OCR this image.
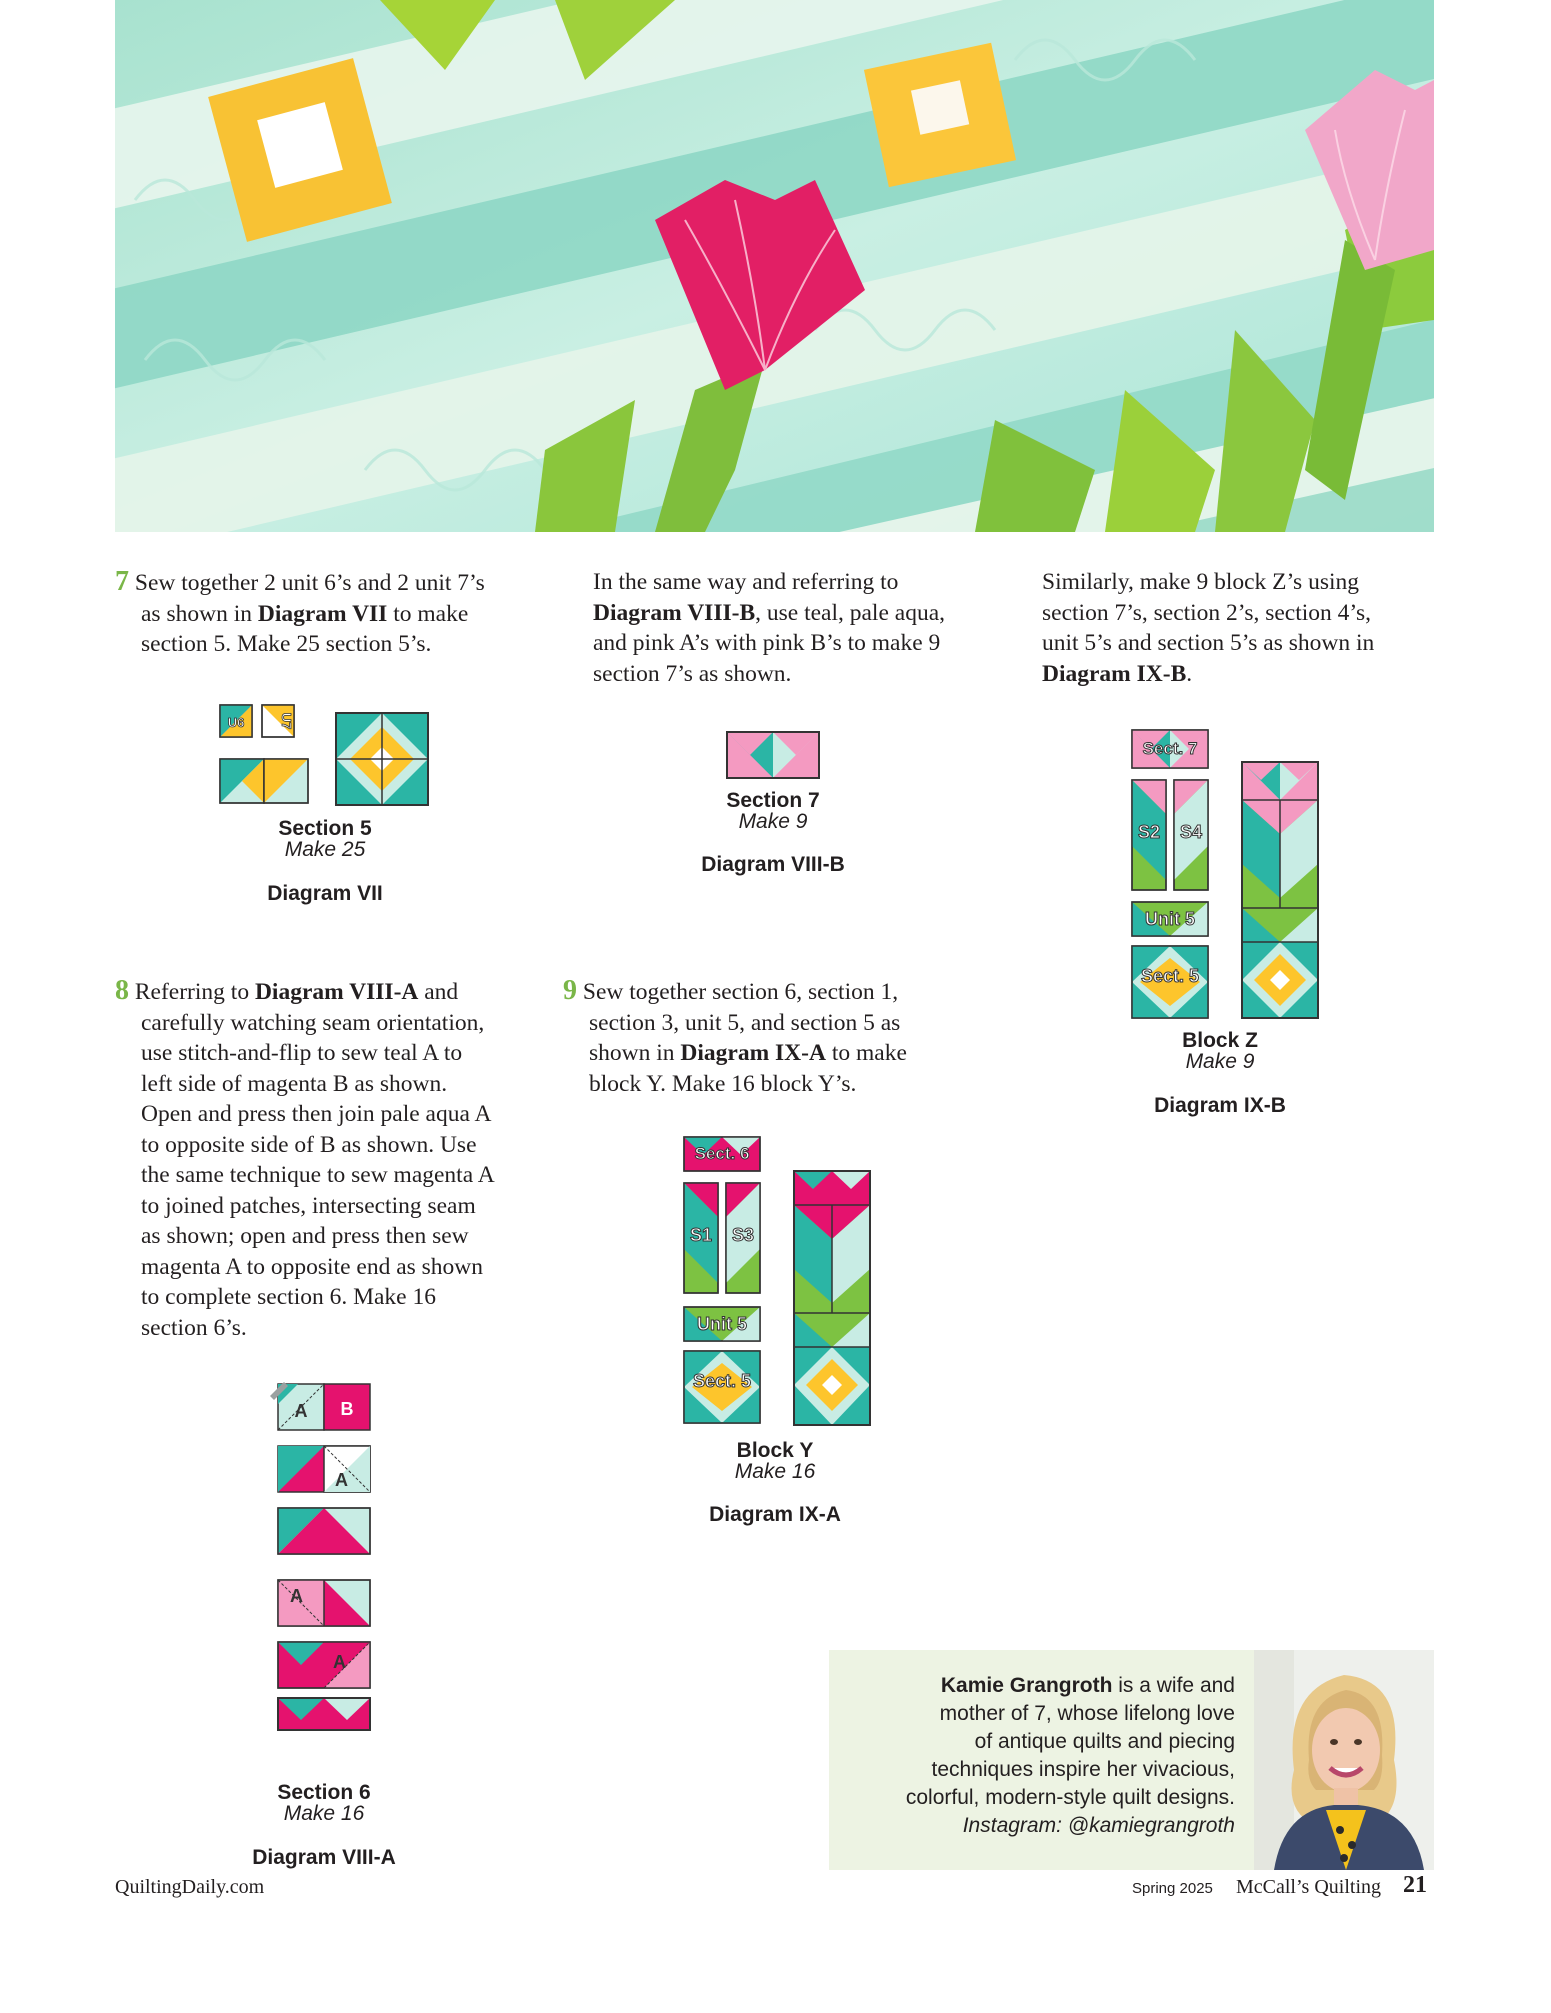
7 Sew together 2 unit 6’s and 2 unit 7’s

as shown in Diagram VII to make

section 5. Make 25 section 5’s.

In the same way and referring to

Diagram VIII-B, use teal, pale aqua,

and pink A’s with pink B’s to make 9

section 7’s as shown.

Similarly, make 9 block Z’s using

section 7’s, section 2’s, section 4’s,

unit 5’s and section 5’s as shown in

Diagram IX-B.

U6	U7
Section 5
Make 25
Diagram VII
Section 7
Make 9
Diagram VIII-B
Sect. 7
S2 S4
Unit 5
Sect. 5
Block Z
Make 9
Diagram IX-B

8 Referring to Diagram VIII-A and

carefully watching seam orientation,

use stitch-and-flip to sew teal A to

left side of magenta B as shown.

Open and press then join pale aqua A

to opposite side of B as shown. Use

the same technique to sew magenta A

to joined patches, intersecting seam

as shown; open and press then sew

magenta A to opposite end as shown

to complete section 6. Make 16

section 6’s.

9 Sew together section 6, section 1,

section 3, unit 5, and section 5 as

shown in Diagram IX-A to make

block Y. Make 16 block Y’s.

A B
A
A
A
Section 6
Make 16
Diagram VIII-A
Sect. 6
S1 S3
Unit 5
Sect. 5
Block Y
Make 16
Diagram IX-A
Kamie Grangroth is a wife and
mother of 7, whose lifelong love
of antique quilts and piecing
techniques inspire her vivacious,
colorful, modern-style quilt designs.
Instagram: @kamiegrangroth
QuiltingDaily.com	Spring 2025 McCall’s Quilting 21
